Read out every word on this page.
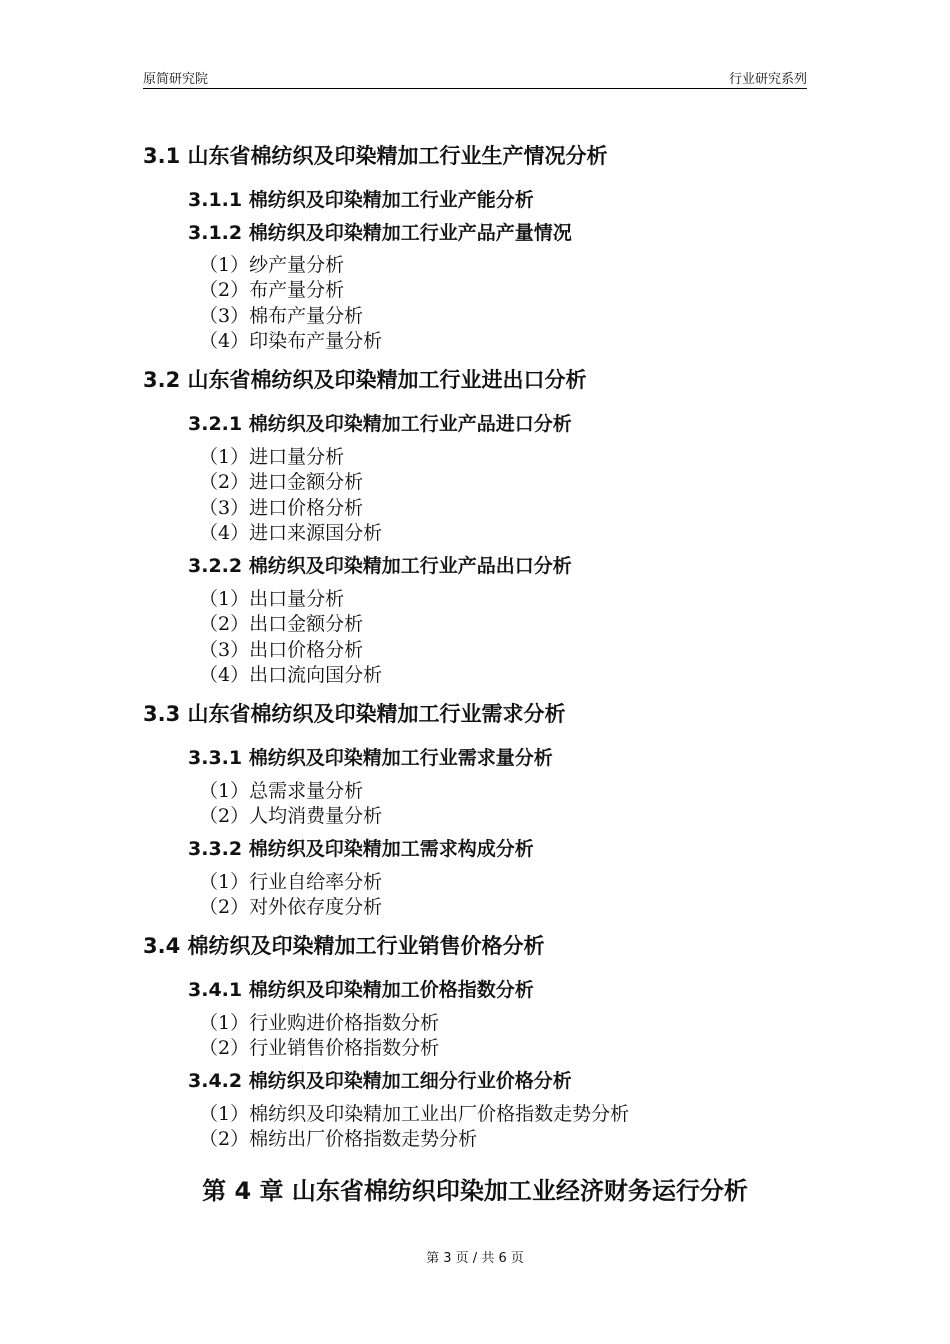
原简研究院	行业研究系列
3.1 山东省棉纺织及印染精加工行业生产情况分析
3.1.1 棉纺织及印染精加工行业产能分析
3.1.2 棉纺织及印染精加工行业产品产量情况
（1）纱产量分析
（2）布产量分析
（3）棉布产量分析
（4）印染布产量分析
3.2 山东省棉纺织及印染精加工行业进出口分析
3.2.1 棉纺织及印染精加工行业产品进口分析
（1）进口量分析
（2）进口金额分析
（3）进口价格分析
（4）进口来源国分析
3.2.2 棉纺织及印染精加工行业产品出口分析
（1）出口量分析
（2）出口金额分析
（3）出口价格分析
（4）出口流向国分析
3.3 山东省棉纺织及印染精加工行业需求分析
3.3.1 棉纺织及印染精加工行业需求量分析
（1）总需求量分析
（2）人均消费量分析
3.3.2 棉纺织及印染精加工需求构成分析
（1）行业自给率分析
（2）对外依存度分析
3.4 棉纺织及印染精加工行业销售价格分析
3.4.1 棉纺织及印染精加工价格指数分析
（1）行业购进价格指数分析
（2）行业销售价格指数分析
3.4.2 棉纺织及印染精加工细分行业价格分析
（1）棉纺织及印染精加工业出厂价格指数走势分析
（2）棉纺出厂价格指数走势分析
第 4 章 山东省棉纺织印染加工业经济财务运行分析
第 3 页 / 共 6 页
